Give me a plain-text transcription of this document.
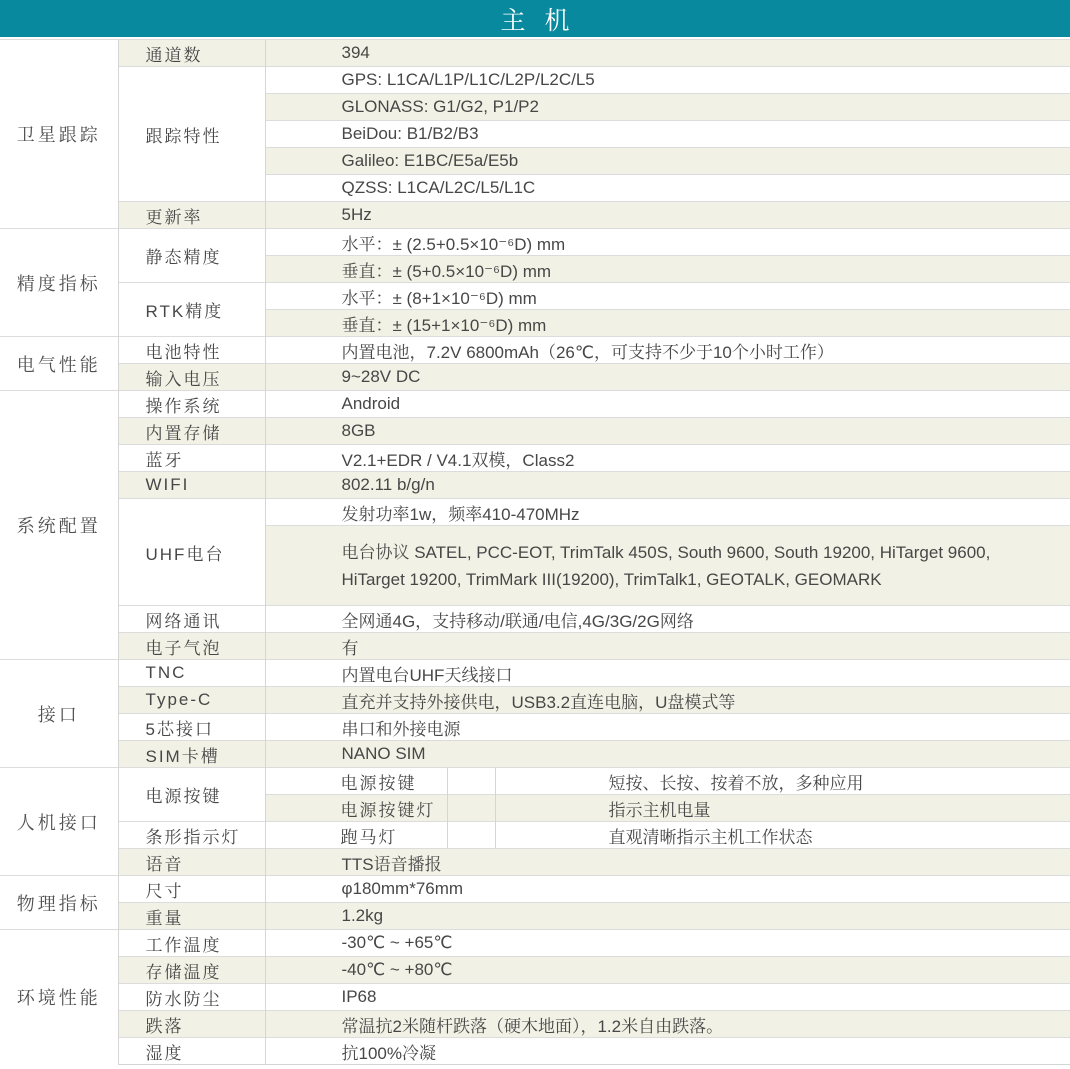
主 机
卫星跟踪	通道数	394		
	跟踪特性	GPS: L1CA/L1P/L1C/L2P/L2C/L5		
		GLONASS: G1/G2, P1/P2		
		BeiDou: B1/B2/B3		
		Galileo: E1BC/E5a/E5b		
		QZSS: L1CA/L2C/L5/L1C		
	更新率	5Hz		
精度指标	静态精度	水平：± (2.5+0.5×10⁻⁶D) mm		
		垂直：± (5+0.5×10⁻⁶D) mm		
	RTK精度	水平：± (8+1×10⁻⁶D) mm		
		垂直：± (15+1×10⁻⁶D) mm		
电气性能	电池特性	内置电池，7.2V 6800mAh（26℃，可支持不少于10个小时工作）		
	输入电压	9~28V DC		
系统配置	操作系统	Android		
	内置存储	8GB		
	蓝牙	V2.1+EDR / V4.1双模，Class2		
	WIFI	802.11 b/g/n		
	UHF电台	发射功率1w，频率410-470MHz		
		电台协议 SATEL, PCC-EOT, TrimTalk 450S, South 9600, South 19200, HiTarget 9600, HiTarget 19200, TrimMark III(19200), TrimTalk1, GEOTALK, GEOMARK		
	网络通讯	全网通4G，支持移动/联通/电信,4G/3G/2G网络		
	电子气泡	有		
接口	TNC	内置电台UHF天线接口		
	Type-C	直充并支持外接供电，USB3.2直连电脑，U盘模式等		
	5芯接口	串口和外接电源		
	SIM卡槽	NANO SIM		
人机接口	电源按键	电源按键		短按、长按、按着不放，多种应用
		电源按键灯		指示主机电量
	条形指示灯	跑马灯		直观清晰指示主机工作状态
	语音	TTS语音播报		
物理指标	尺寸	φ180mm*76mm		
	重量	1.2kg		
环境性能	工作温度	-30℃ ~ +65℃		
	存储温度	-40℃ ~ +80℃		
	防水防尘	IP68		
	跌落	常温抗2米随杆跌落（硬木地面），1.2米自由跌落。		
	湿度	抗100%冷凝		
